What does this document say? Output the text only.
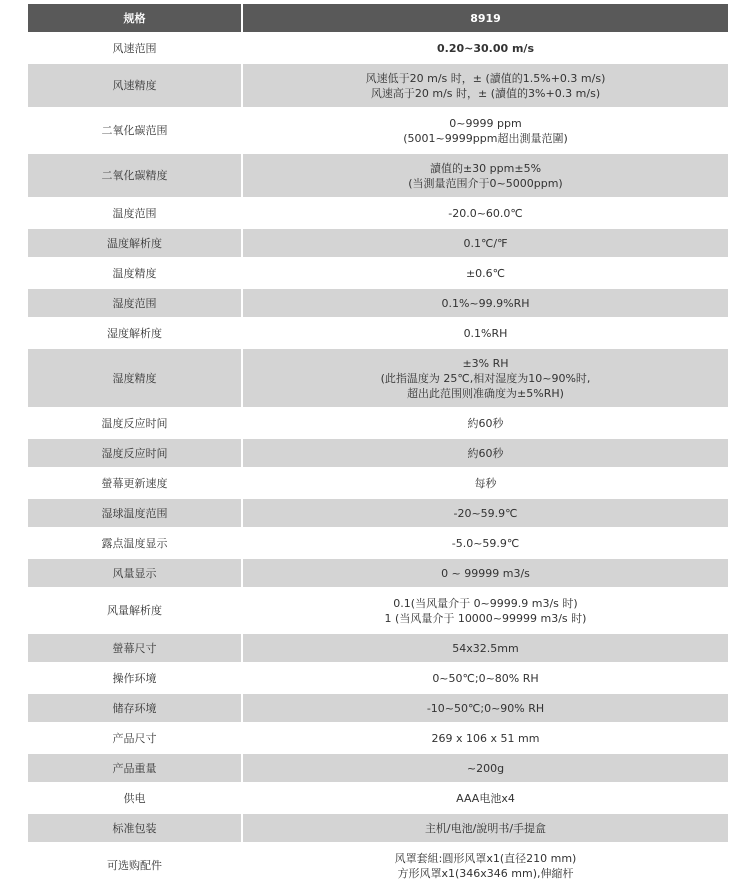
规格	8919
风速范围	0.20~30.00 m/s

风速精度	风速低于20 m/s 时，± (讀值的1.5%+0.3 m/s)
风速高于20 m/s 时，± (讀值的3%+0.3 m/s)

二氧化碳范围	0~9999 ppm
(5001~9999ppm超出測量范圍)

二氧化碳精度	讀值的±30 ppm±5%
(当測量范围介于0~5000ppm)

温度范围	-20.0~60.0℃

温度解析度	0.1℃/℉

温度精度	±0.6℃

湿度范围	0.1%~99.9%RH

湿度解析度	0.1%RH

湿度精度	±3% RH
(此指温度为 25℃,相对湿度为10~90%时,
超出此范围则准确度为±5%RH)

温度反应时间	約60秒

湿度反应时间	約60秒

螢幕更新速度	每秒

湿球温度范围	-20~59.9℃

露点温度显示	-5.0~59.9℃

风量显示	0 ~ 99999 m3/s

风量解析度	0.1(当风量介于 0~9999.9 m3/s 时)
1 (当风量介于 10000~99999 m3/s 时)

螢幕尺寸	54x32.5mm

操作环境	0~50℃;0~80% RH

储存环境	-10~50℃;0~90% RH

产品尺寸	269 x 106 x 51 mm

产品重量	~200g

供电	AAA电池x4

标准包装	主机/电池/說明书/手提盒

可选购配件	风罩套組:圓形风罩x1(直径210 mm)
方形风罩x1(346x346 mm),伸縮杆
